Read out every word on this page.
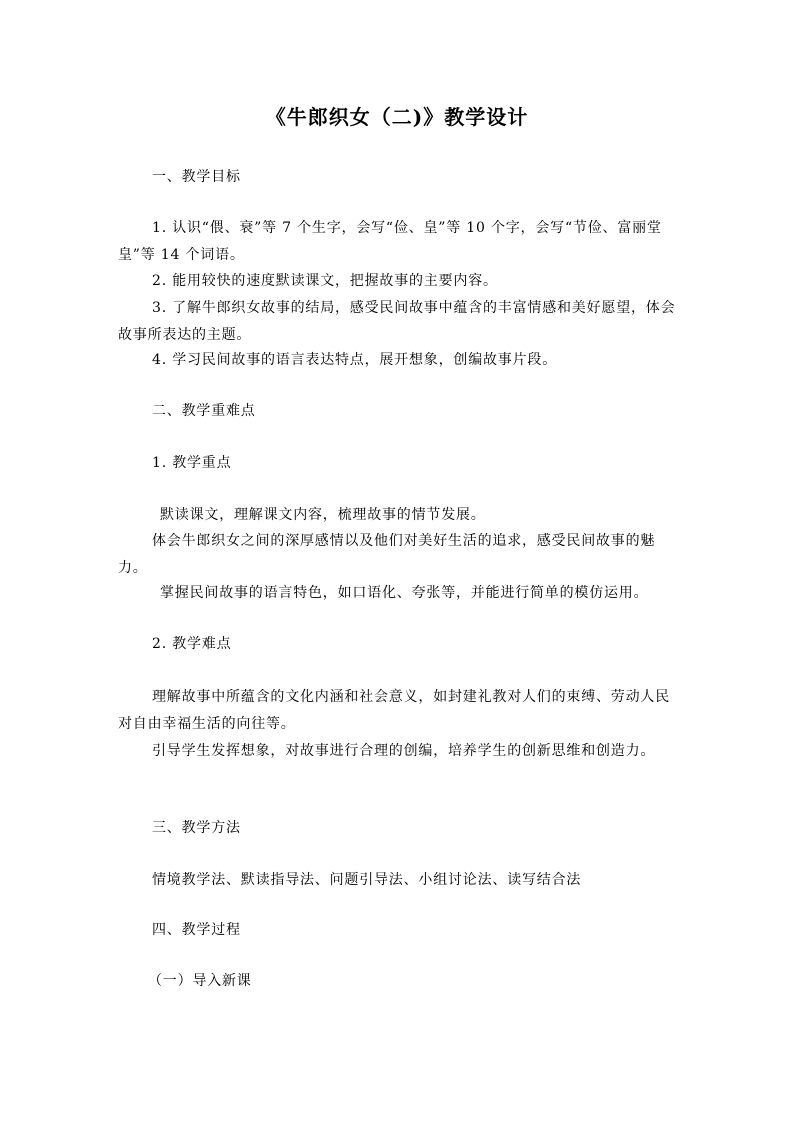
《牛郎织女（二)》教学设计
一、教学目标
1. 认识“偎、衰”等 7 个生字，会写“俭、皇”等 10 个字，会写“节俭、富丽堂皇”等 14 个词语。
2. 能用较快的速度默读课文，把握故事的主要内容。
3. 了解牛郎织女故事的结局，感受民间故事中蕴含的丰富情感和美好愿望，体会故事所表达的主题。
4. 学习民间故事的语言表达特点，展开想象，创编故事片段。
二、教学重难点
1. 教学重点
默读课文，理解课文内容，梳理故事的情节发展。
体会牛郎织女之间的深厚感情以及他们对美好生活的追求，感受民间故事的魅力。
掌握民间故事的语言特色，如口语化、夸张等，并能进行简单的模仿运用。
2. 教学难点
理解故事中所蕴含的文化内涵和社会意义，如封建礼教对人们的束缚、劳动人民对自由幸福生活的向往等。
引导学生发挥想象，对故事进行合理的创编，培养学生的创新思维和创造力。
三、教学方法
情境教学法、默读指导法、问题引导法、小组讨论法、读写结合法
四、教学过程
（一）导入新课
